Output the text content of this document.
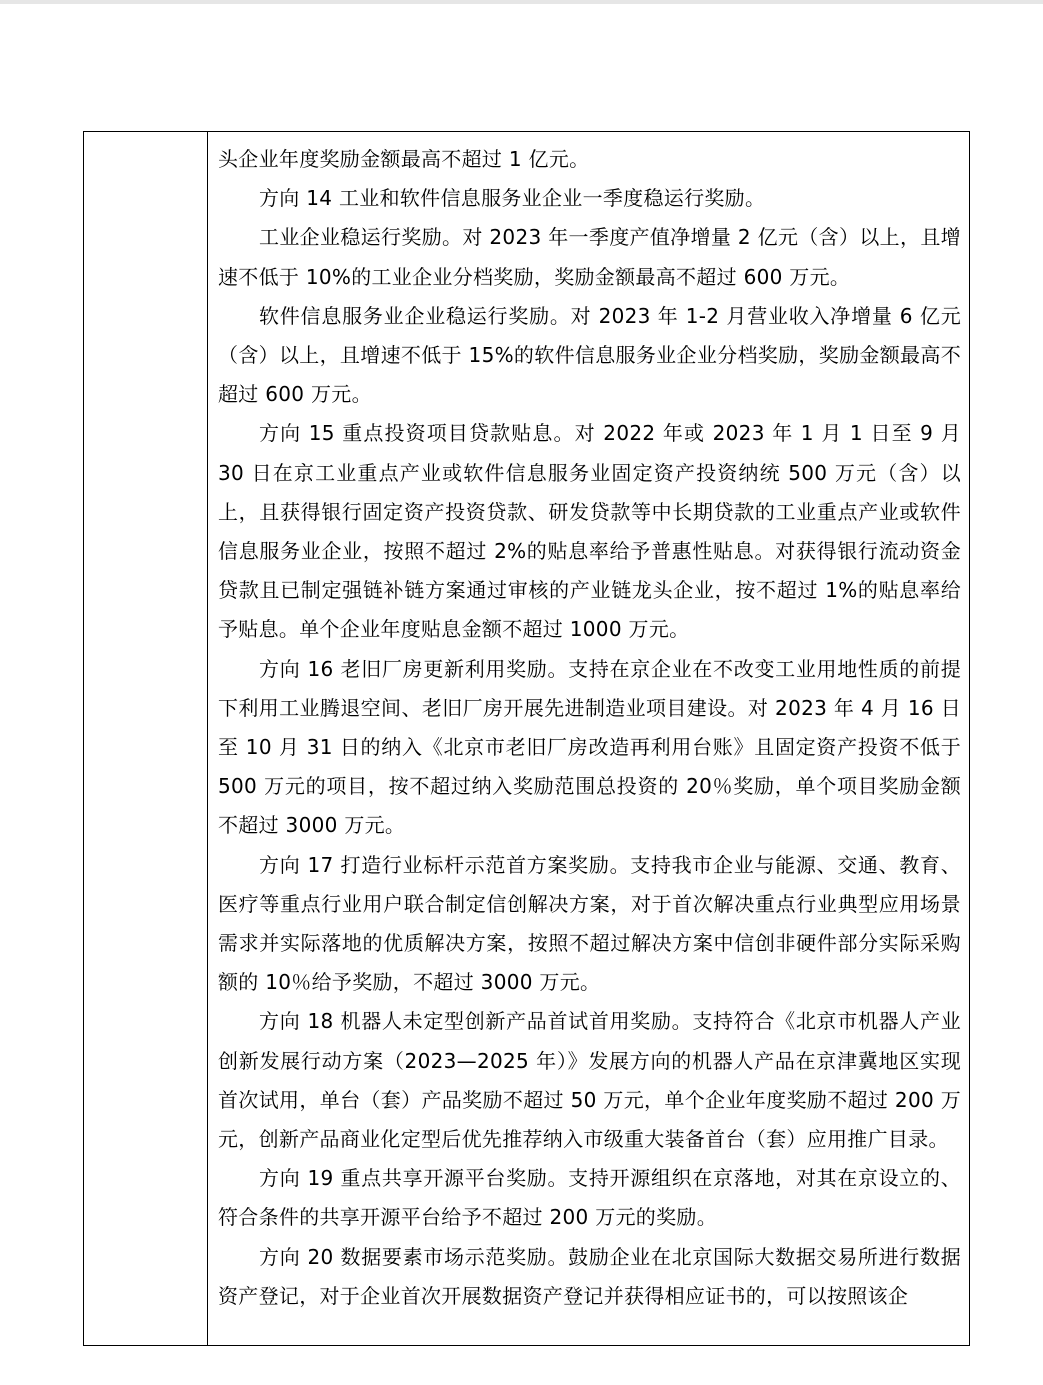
头企业年度奖励金额最高不超过 1 亿元。

方向 14 工业和软件信息服务业企业一季度稳运行奖励。

工业企业稳运行奖励。对 2023 年一季度产值净增量 2 亿元（含）以上，且增速不低于 10%的工业企业分档奖励，奖励金额最高不超过 600 万元。

软件信息服务业企业稳运行奖励。对 2023 年 1-2 月营业收入净增量 6 亿元（含）以上，且增速不低于 15%的软件信息服务业企业分档奖励，奖励金额最高不超过 600 万元。

方向 15 重点投资项目贷款贴息。对 2022 年或 2023 年 1 月 1 日至 9 月 30 日在京工业重点产业或软件信息服务业固定资产投资纳统 500 万元（含）以上，且获得银行固定资产投资贷款、研发贷款等中长期贷款的工业重点产业或软件信息服务业企业，按照不超过 2%的贴息率给予普惠性贴息。对获得银行流动资金贷款且已制定强链补链方案通过审核的产业链龙头企业，按不超过 1%的贴息率给予贴息。单个企业年度贴息金额不超过 1000 万元。

方向 16 老旧厂房更新利用奖励。支持在京企业在不改变工业用地性质的前提下利用工业腾退空间、老旧厂房开展先进制造业项目建设。对 2023 年 4 月 16 日至 10 月 31 日的纳入《北京市老旧厂房改造再利用台账》且固定资产投资不低于 500 万元的项目，按不超过纳入奖励范围总投资的 20％奖励，单个项目奖励金额不超过 3000 万元。

方向 17 打造行业标杆示范首方案奖励。支持我市企业与能源、交通、教育、医疗等重点行业用户联合制定信创解决方案，对于首次解决重点行业典型应用场景需求并实际落地的优质解决方案，按照不超过解决方案中信创非硬件部分实际采购额的 10％给予奖励，不超过 3000 万元。

方向 18 机器人未定型创新产品首试首用奖励。支持符合《北京市机器人产业创新发展行动方案（2023—2025 年）》发展方向的机器人产品在京津冀地区实现首次试用，单台（套）产品奖励不超过 50 万元，单个企业年度奖励不超过 200 万元，创新产品商业化定型后优先推荐纳入市级重大装备首台（套）应用推广目录。

方向 19 重点共享开源平台奖励。支持开源组织在京落地，对其在京设立的、符合条件的共享开源平台给予不超过 200 万元的奖励。

方向 20 数据要素市场示范奖励。鼓励企业在北京国际大数据交易所进行数据资产登记，对于企业首次开展数据资产登记并获得相应证书的，可以按照该企
